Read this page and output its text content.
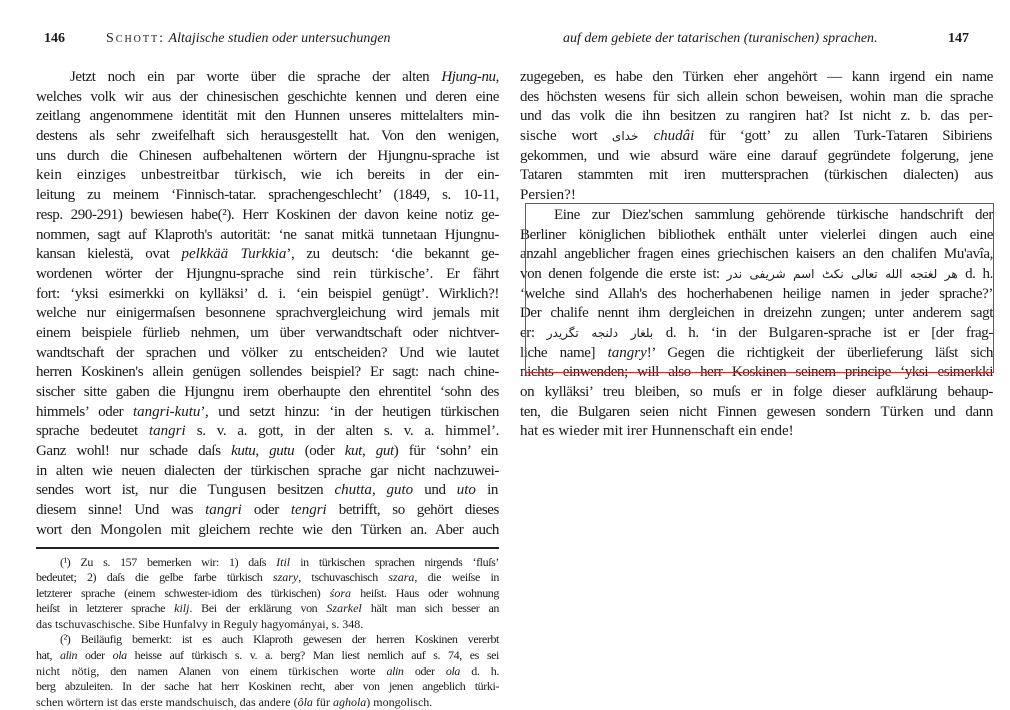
146	Schott: Altajische studien oder untersuchungen
Jetzt noch ein par worte über die sprache der alten Hjung-nu,
welches volk wir aus der chinesischen geschichte kennen und deren eine
zeitlang angenommene identität mit den Hunnen unseres mittelalters min-
destens als sehr zweifelhaft sich herausgestellt hat. Von den wenigen,
uns durch die Chinesen aufbehaltenen wörtern der Hjungnu-sprache ist
kein einziges unbestreitbar türkisch, wie ich bereits in der ein-
leitung zu meinem ‘Finnisch-tatar. sprachengeschlecht’ (1849, s. 10-11,
resp. 290-291) bewiesen habe(²). Herr Koskinen der davon keine notiz ge-
nommen, sagt auf Klaproth's autorität: ‘ne sanat mitkä tunnetaan Hjungnu-
kansan kielestä, ovat pelkkää Turkkia’, zu deutsch: ‘die bekannt ge-
wordenen wörter der Hjungnu-sprache sind rein türkische’. Er fährt
fort: ‘yksi esimerkki on kylläksi’ d. i. ‘ein beispiel genügt’. Wirklich?!
welche nur einigermaſsen besonnene sprachvergleichung wird jemals mit
einem beispiele fürlieb nehmen, um über verwandtschaft oder nichtver-
wandtschaft der sprachen und völker zu entscheiden? Und wie lautet
herren Koskinen's allein genügen sollendes beispiel? Er sagt: nach chine-
sischer sitte gaben die Hjungnu irem oberhaupte den ehrentitel ‘sohn des
himmels’ oder tangri-kutu’, und setzt hinzu: ‘in der heutigen türkischen
sprache bedeutet tangri s. v. a. gott, in der alten s. v. a. himmel’.
Ganz wohl! nur schade daſs kutu, gutu (oder kut, gut) für ‘sohn’ ein
in alten wie neuen dialecten der türkischen sprache gar nicht nachzuwei-
sendes wort ist, nur die Tungusen besitzen chutta, guto und uto in
diesem sinne! Und was tangri oder tengri betrifft, so gehört dieses
wort den Mongolen mit gleichem rechte wie den Türken an. Aber auch
(¹) Zu s. 157 bemerken wir: 1) daſs Itil in türkischen sprachen nirgends ‘fluſs’
bedeutet; 2) daſs die gelbe farbe türkisch szary, tschuvaschisch szara, die weiſse in
letzterer sprache (einem schwester-idiom des türkischen) śora heiſst. Haus oder wohnung
heiſst in letzterer sprache kilj. Bei der erklärung von Szarkel hält man sich besser an
das tschuvaschische. Sibe Hunfalvy in Reguly hagyományai, s. 348.
(²) Beiläufig bemerkt: ist es auch Klaproth gewesen der herren Koskinen vererbt
hat, alin oder ola heisse auf türkisch s. v. a. berg? Man liest nemlich auf s. 74, es sei
nicht nötig, den namen Alanen von einem türkischen worte alin oder ola d. h.
berg abzuleiten. In der sache hat herr Koskinen recht, aber von jenen angeblich türki-
schen wörtern ist das erste mandschuisch, das andere (ôla für aghola) mongolisch.
auf dem gebiete der tatarischen (turanischen) sprachen.	147
zugegeben, es habe den Türken eher angehört — kann irgend ein name
des höchsten wesens für sich allein schon beweisen, wohin man die sprache
und das volk die ihn besitzen zu rangiren hat? Ist nicht z. b. das per-
sische wort خدای chudâi für ‘gott’ zu allen Turk-Tataren Sibiriens
gekommen, und wie absurd wäre eine darauf gegründete folgerung, jene
Tataren stammten mit iren muttersprachen (türkischen dialecten) aus
Persien?!
Eine zur Diez'schen sammlung gehörende türkische handschrift der
Berliner königlichen bibliothek enthält unter vielerlei dingen auch eine
anzahl angeblicher fragen eines griechischen kaisers an den chalifen Mu'avîa,
von denen folgende die erste ist: هر لغتجه الله تعالی نکٹ اسم شریفی ندر d. h.
‘welche sind Allah's des hocherhabenen heilige namen in jeder sprache?’
Der chalife nennt ihm dergleichen in dreizehn zungen; unter anderem sagt
er: بلغار دلنجه تگریدر d. h. ‘in der Bulgaren-sprache ist er [der frag-
liche name] tangry!’ Gegen die richtigkeit der überlieferung läſst sich
nichts einwenden; will also herr Koskinen seinem principe ‘yksi esimerkki
on kylläksi’ treu bleiben, so muſs er in folge dieser aufklärung behaup-
ten, die Bulgaren seien nicht Finnen gewesen sondern Türken und dann
hat es wieder mit irer Hunnenschaft ein ende!
